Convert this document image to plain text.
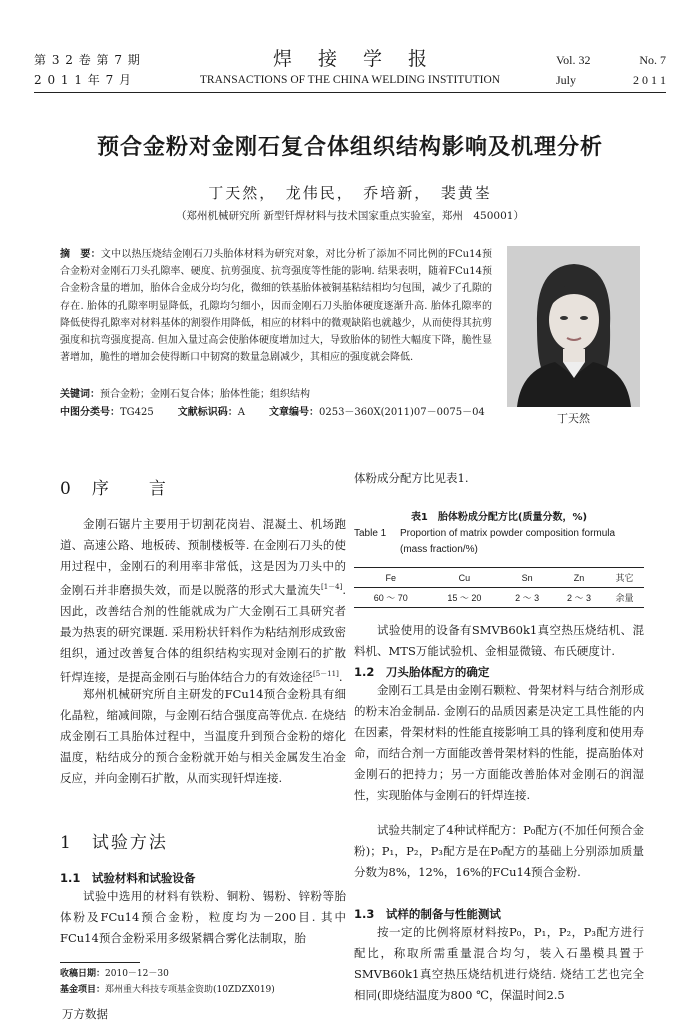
第 3 2 卷 第 7 期
2 0 1 1 年 7 月
焊接学报
TRANSACTIONS OF THE CHINA WELDING INSTITUTION
Vol. 32	No. 7
July	2 0 1 1
预合金粉对金刚石复合体组织结构影响及机理分析
丁天然，　龙伟民，　乔培新，　裴黄峑
（郑州机械研究所 新型钎焊材料与技术国家重点实验室，郑州　450001）
摘　要：文中以热压烧结金刚石刀头胎体材料为研究对象，对比分析了添加不同比例的FCu14预合金粉对金刚石刀头孔隙率、硬度、抗剪强度、抗弯强度等性能的影响. 结果表明，随着FCu14预合金粉含量的增加，胎体合金成分均匀化，微细的铁基胎体被铜基粘结相均匀包围，减少了孔隙的存在. 胎体的孔隙率明显降低，孔隙均匀细小，因而金刚石刀头胎体硬度逐渐升高. 胎体孔隙率的降低使得孔隙率对材料基体的割裂作用降低，相应的材料中的微观缺陷也就越少，从而使得其抗剪强度和抗弯强度提高. 但加入量过高会使胎体硬度增加过大，导致胎体的韧性大幅度下降，脆性显著增加，脆性的增加会使得断口中韧窝的数量急剧减少，其相应的强度就会降低.
关键词：预合金粉；金刚石复合体；胎体性能；组织结构
中图分类号：TG425 文献标识码：A 文章编号：0253－360X(2011)07－0075－04	丁天然
0　 序　　言
金刚石锯片主要用于切割花岗岩、混凝土、机场跑道、高速公路、地板砖、预制楼板等. 在金刚石刀头的使用过程中，金刚石的利用率非常低，这是因为刀头中的金刚石并非磨损失效，而是以脱落的形式大量流失[1－4]. 因此，改善结合剂的性能就成为广大金刚石工具研究者最为热衷的研究课题. 采用粉状钎料作为粘结剂形成致密组织，通过改善复合体的组织结构实现对金刚石的扩散钎焊连接，是提高金刚石与胎体结合力的有效途径[5－11].
郑州机械研究所自主研发的FCu14预合金粉具有细化晶粒，缩减间隙，与金刚石结合强度高等优点. 在烧结成金刚石工具胎体过程中，当温度升到预合金粉的熔化温度，粘结成分的预合金粉就开始与相关金属发生冶金反应，并向金刚石扩散，从而实现钎焊连接.
1　 试验方法
1.1　试验材料和试验设备
试验中选用的材料有铁粉、铜粉、锡粉、锌粉等胎体粉及FCu14预合金粉，粒度均为－200目. 其中FCu14预合金粉采用多级紧耦合雾化法制取，胎
收稿日期：2010－12－30
基金项目：郑州重大科技专项基金资助(10ZDZX019)
万方数据
体粉成分配方比见表1.
表1　胎体粉成分配方比(质量分数，%)
Table 1 Proportion of matrix powder composition formula
(mass fraction/%)
Fe	Cu	Sn	Zn	其它
60 ～ 70	15 ～ 20	2 ～ 3	2 ～ 3	余量
试验使用的设备有SMVB60k1真空热压烧结机、混料机、MTS万能试验机、金相显微镜、布氏硬度计.
1.2　刀头胎体配方的确定
金刚石工具是由金刚石颗粒、骨架材料与结合剂形成的粉末冶金制品. 金刚石的品质因素是决定工具性能的内在因素，骨架材料的性能直接影响工具的锋利度和使用寿命，而结合剂一方面能改善骨架材料的性能，提高胎体对金刚石的把持力；另一方面能改善胎体对金刚石的润湿性，实现胎体与金刚石的钎焊连接.
试验共制定了4种试样配方：P₀配方(不加任何预合金粉)；P₁，P₂，P₃配方是在P₀配方的基础上分别添加质量分数为8%，12%，16%的FCu14预合金粉.
1.3　试样的制备与性能测试
按一定的比例将原材料按P₀，P₁，P₂，P₃配方进行配比，称取所需重量混合均匀，装入石墨模具置于SMVB60k1真空热压烧结机进行烧结. 烧结工艺也完全相同(即烧结温度为800 ℃，保温时间2.5
